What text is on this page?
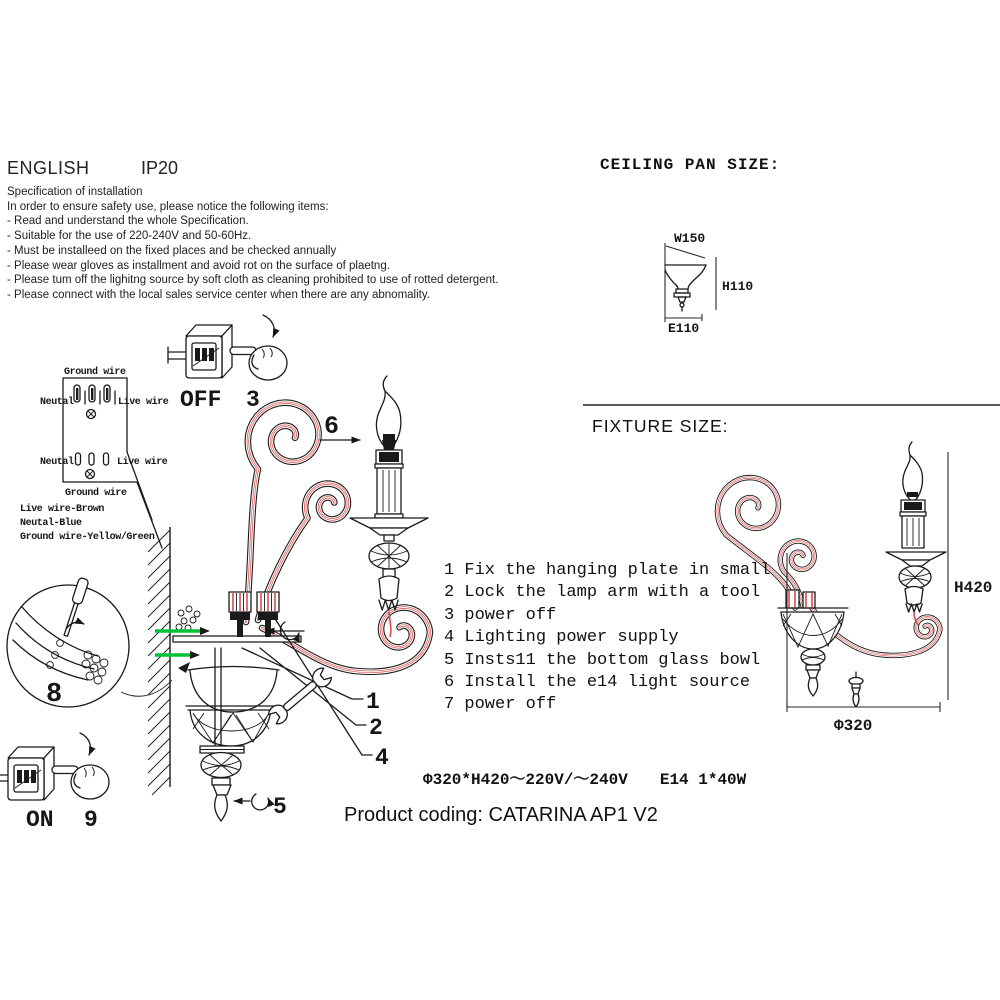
ENGLISH	IP20
Specification of installation
In order to ensure safety use, please notice the following items:
- Read and understand the whole Specification.
- Suitable for the use of 220-240V and 50-60Hz.
- Must be installeed on the fixed places and be checked annually
- Please wear gloves as installment and avoid rot on the surface of plaetng.
- Please tum off the lighitng source by soft cloth as cleaning prohibited to use of rotted detergent.
- Please connect with the local sales service center when there are any abnomality.
CEILING PAN SIZE:
W150
H110
E110
FIXTURE SIZE:
Ground wire
Neutal	Live wire
Neutal	Live wire
Ground wire
Live wire-Brown
Neutal-Blue
Ground wire-Yellow/Green
OFF 3
6
5
1
2
4
8
ON 9
H420
Φ320
1 Fix the hanging plate in small
2 Lock the lamp arm with a tool
3 power off
4 Lighting power supply
5 Insts11 the bottom glass bowl
6 Install the e14 light source
7 power off
Φ320*H420～220V/～240V E14 1*40W
Product coding: CATARINA AP1 V2
